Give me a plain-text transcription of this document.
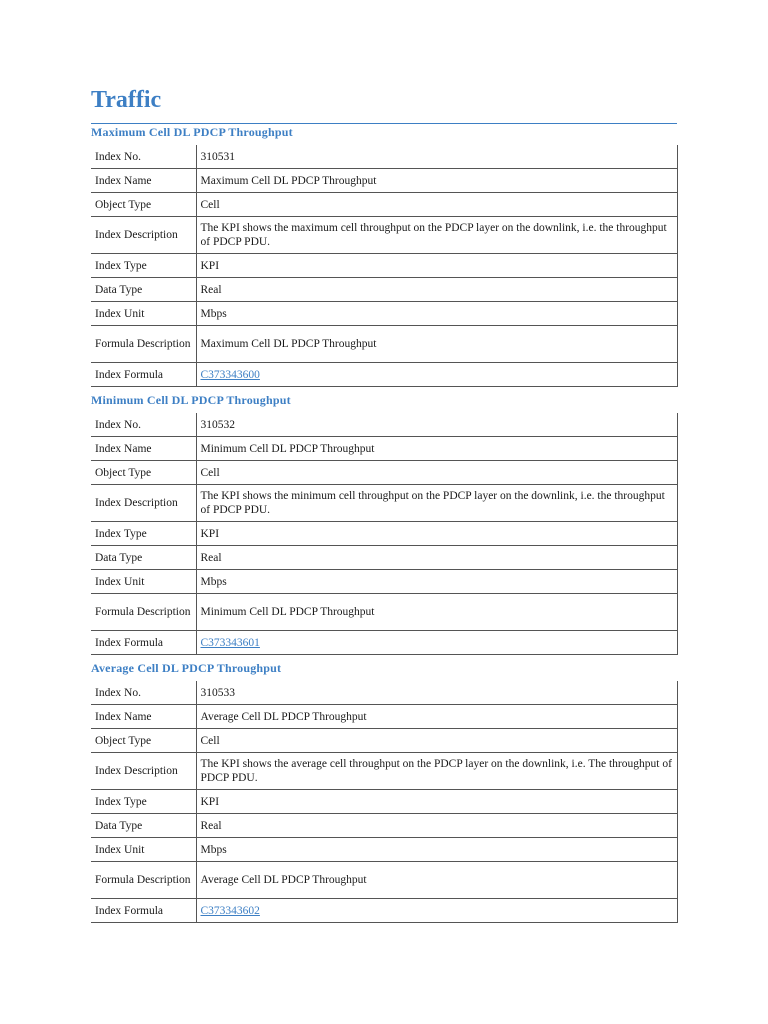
Traffic
Maximum Cell DL PDCP Throughput
Index No.	310531
Index Name	Maximum Cell DL PDCP Throughput
Object Type	Cell
Index Description	The KPI shows the maximum cell throughput on the PDCP layer on the downlink, i.e. the throughput of PDCP PDU.
Index Type	KPI
Data Type	Real
Index Unit	Mbps
Formula Description	Maximum Cell DL PDCP Throughput
Index Formula	C373343600
Minimum Cell DL PDCP Throughput
Index No.	310532
Index Name	Minimum Cell DL PDCP Throughput
Object Type	Cell
Index Description	The KPI shows the minimum cell throughput on the PDCP layer on the downlink, i.e. the throughput of PDCP PDU.
Index Type	KPI
Data Type	Real
Index Unit	Mbps
Formula Description	Minimum Cell DL PDCP Throughput
Index Formula	C373343601
Average Cell DL PDCP Throughput
Index No.	310533
Index Name	Average Cell DL PDCP Throughput
Object Type	Cell
Index Description	The KPI shows the average cell throughput on the PDCP layer on the downlink, i.e. The throughput of PDCP PDU.
Index Type	KPI
Data Type	Real
Index Unit	Mbps
Formula Description	Average Cell DL PDCP Throughput
Index Formula	C373343602
